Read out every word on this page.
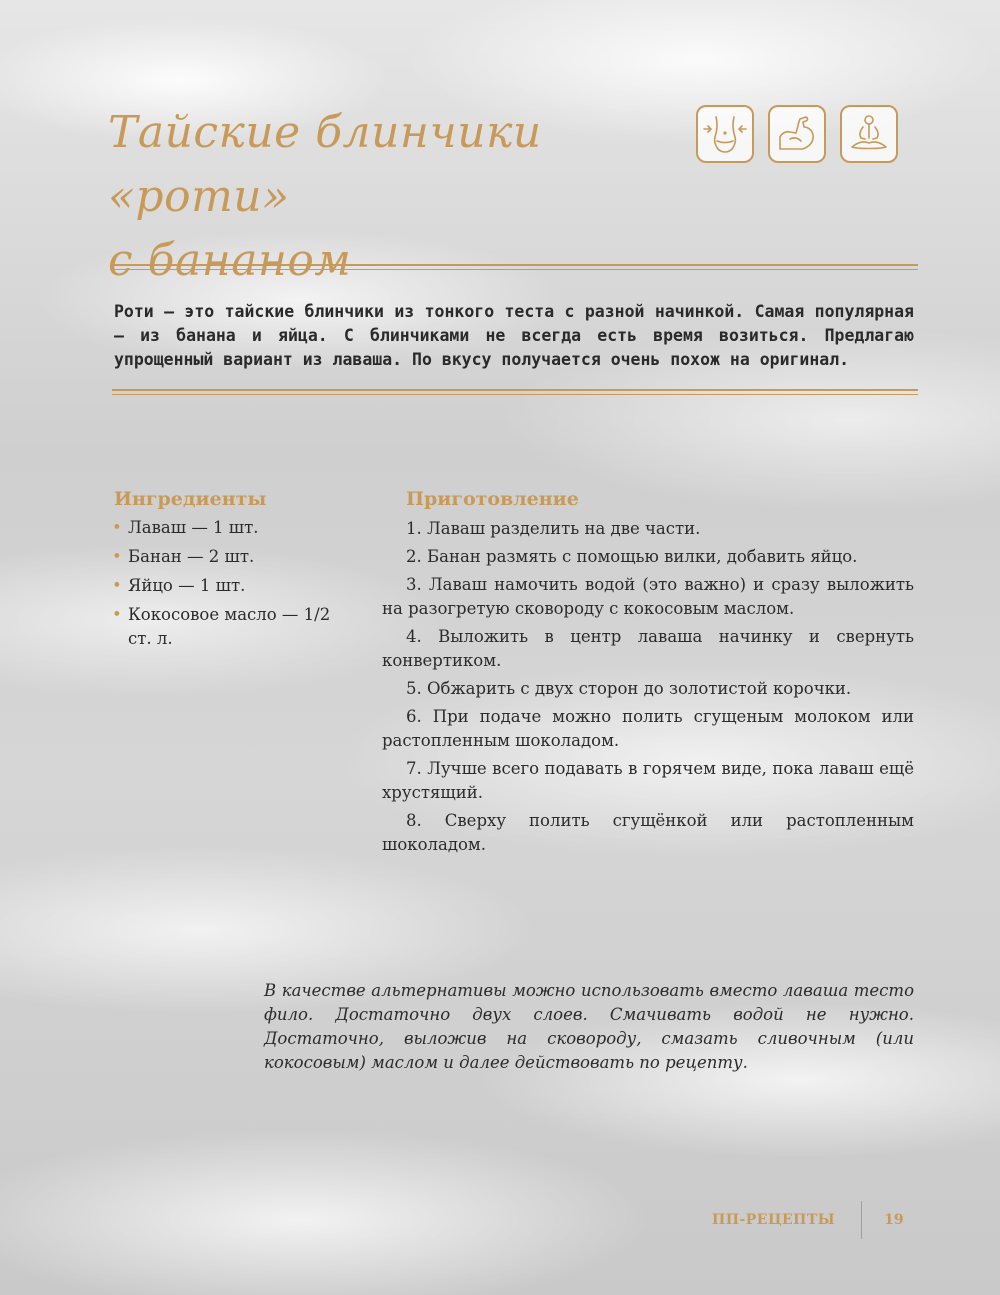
Тайские блинчики «роти»
с бананом

Роти – это тайские блинчики из тонкого теста с разной начинкой. Самая популярная – из банана и яйца. С блинчиками не всегда есть время возиться. Предлагаю упрощенный вариант из лаваша. По вкусу получается очень похож на оригинал.

Ингредиенты
• Лаваш — 1 шт.
• Банан — 2 шт.
• Яйцо — 1 шт.
• Кокосовое масло — 1/2 ст. л.
Приготовление

1. Лаваш разделить на две части.

2. Банан размять с помощью вилки, добавить яйцо.

3. Лаваш намочить водой (это важно) и сразу выложить на разогретую сковороду с кокосовым маслом.

4. Выложить в центр лаваша начинку и свернуть конвертиком.

5. Обжарить с двух сторон до золотистой корочки.

6. При подаче можно полить сгущеным молоком или растопленным шоколадом.

7. Лучше всего подавать в горячем виде, пока лаваш ещё хрустящий.

8. Сверху полить сгущёнкой или растопленным шоколадом.

В качестве альтернативы можно использовать вместо лаваша тесто фило. Достаточно двух слоев. Смачивать водой не нужно. Достаточно, выложив на сковороду, смазать сливочным (или кокосовым) маслом и далее действовать по рецепту.

ПП-РЕЦЕПТЫ	19
